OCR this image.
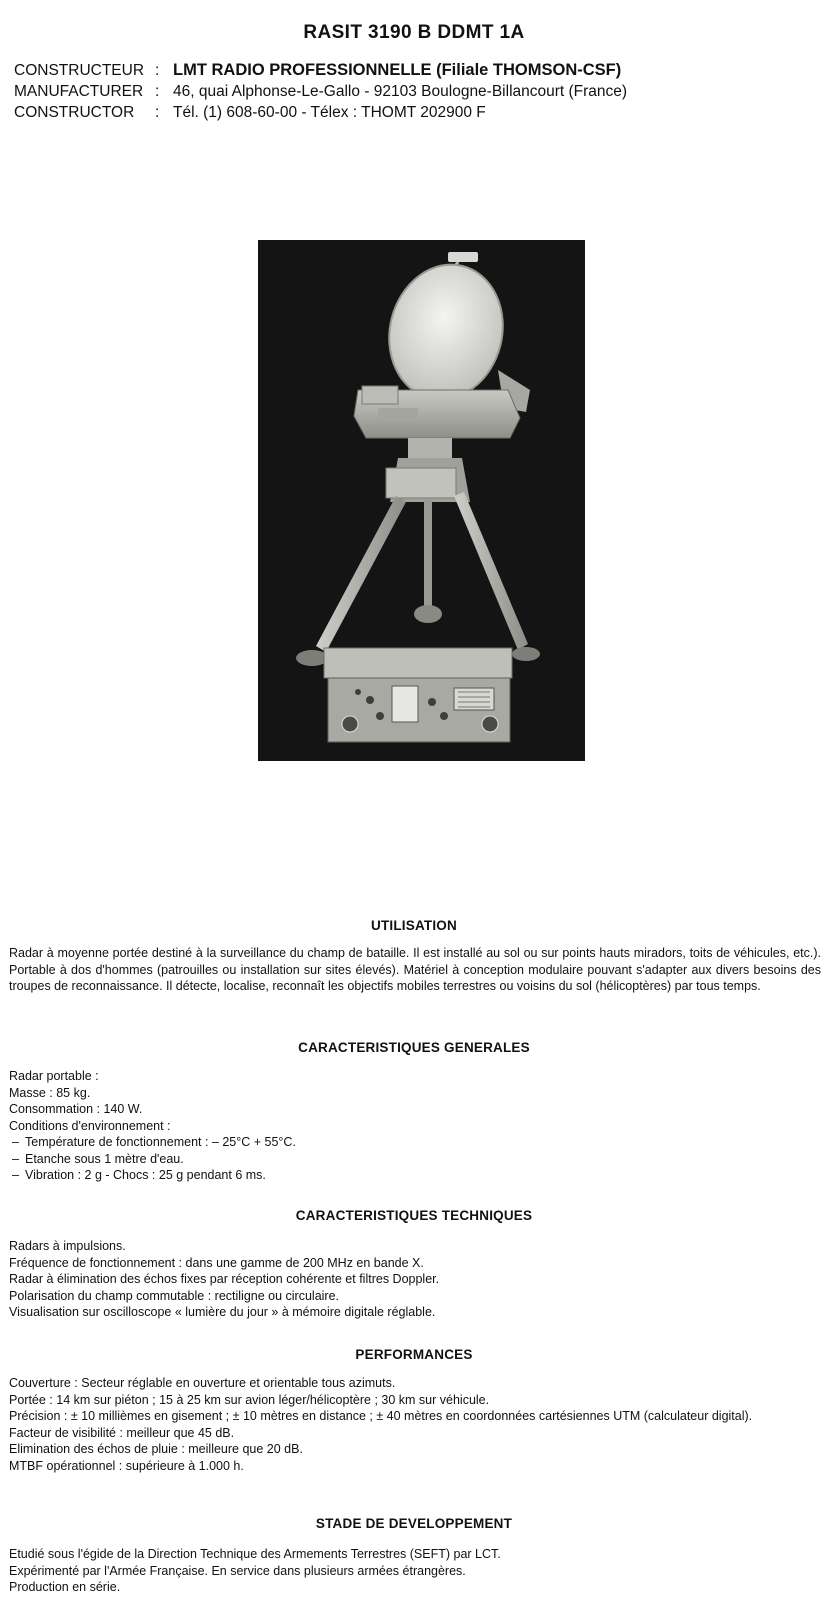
RASIT 3190 B DDMT 1A
CONSTRUCTEUR : LMT RADIO PROFESSIONNELLE (Filiale THOMSON-CSF)
MANUFACTURER : 46, quai Alphonse-Le-Gallo - 92103 Boulogne-Billancourt (France)
CONSTRUCTOR	: Tél. (1) 608-60-00 - Télex : THOMT 202900 F
UTILISATION
Radar à moyenne portée destiné à la surveillance du champ de bataille. Il est installé au sol ou sur points hauts miradors, toits de véhicules, etc.). Portable à dos d'hommes (patrouilles ou installation sur sites élevés). Matériel à conception modulaire pouvant s'adapter aux divers besoins des troupes de reconnaissance. Il détecte, localise, reconnaît les objectifs mobiles terrestres ou voisins du sol (hélicoptères) par tous temps.
CARACTERISTIQUES GENERALES
Radar portable :
Masse : 85 kg.
Consommation : 140 W.
Conditions d'environnement :
– Température de fonctionnement : – 25°C + 55°C.
– Etanche sous 1 mètre d'eau.
– Vibration : 2 g - Chocs : 25 g pendant 6 ms.
CARACTERISTIQUES TECHNIQUES
Radars à impulsions.
Fréquence de fonctionnement : dans une gamme de 200 MHz en bande X.
Radar à élimination des échos fixes par réception cohérente et filtres Doppler.
Polarisation du champ commutable : rectiligne ou circulaire.
Visualisation sur oscilloscope « lumière du jour » à mémoire digitale réglable.
PERFORMANCES
Couverture : Secteur réglable en ouverture et orientable tous azimuts.
Portée : 14 km sur piéton ; 15 à 25 km sur avion léger/hélicoptère ; 30 km sur véhicule.
Précision : ± 10 millièmes en gisement ; ± 10 mètres en distance ; ± 40 mètres en coordonnées cartésiennes UTM (calculateur digital).
Facteur de visibilité : meilleur que 45 dB.
Elimination des échos de pluie : meilleure que 20 dB.
MTBF opérationnel : supérieure à 1.000 h.
STADE DE DEVELOPPEMENT
Etudié sous l'égide de la Direction Technique des Armements Terrestres (SEFT) par LCT.
Expérimenté par l'Armée Française. En service dans plusieurs armées étrangères.
Production en série.
